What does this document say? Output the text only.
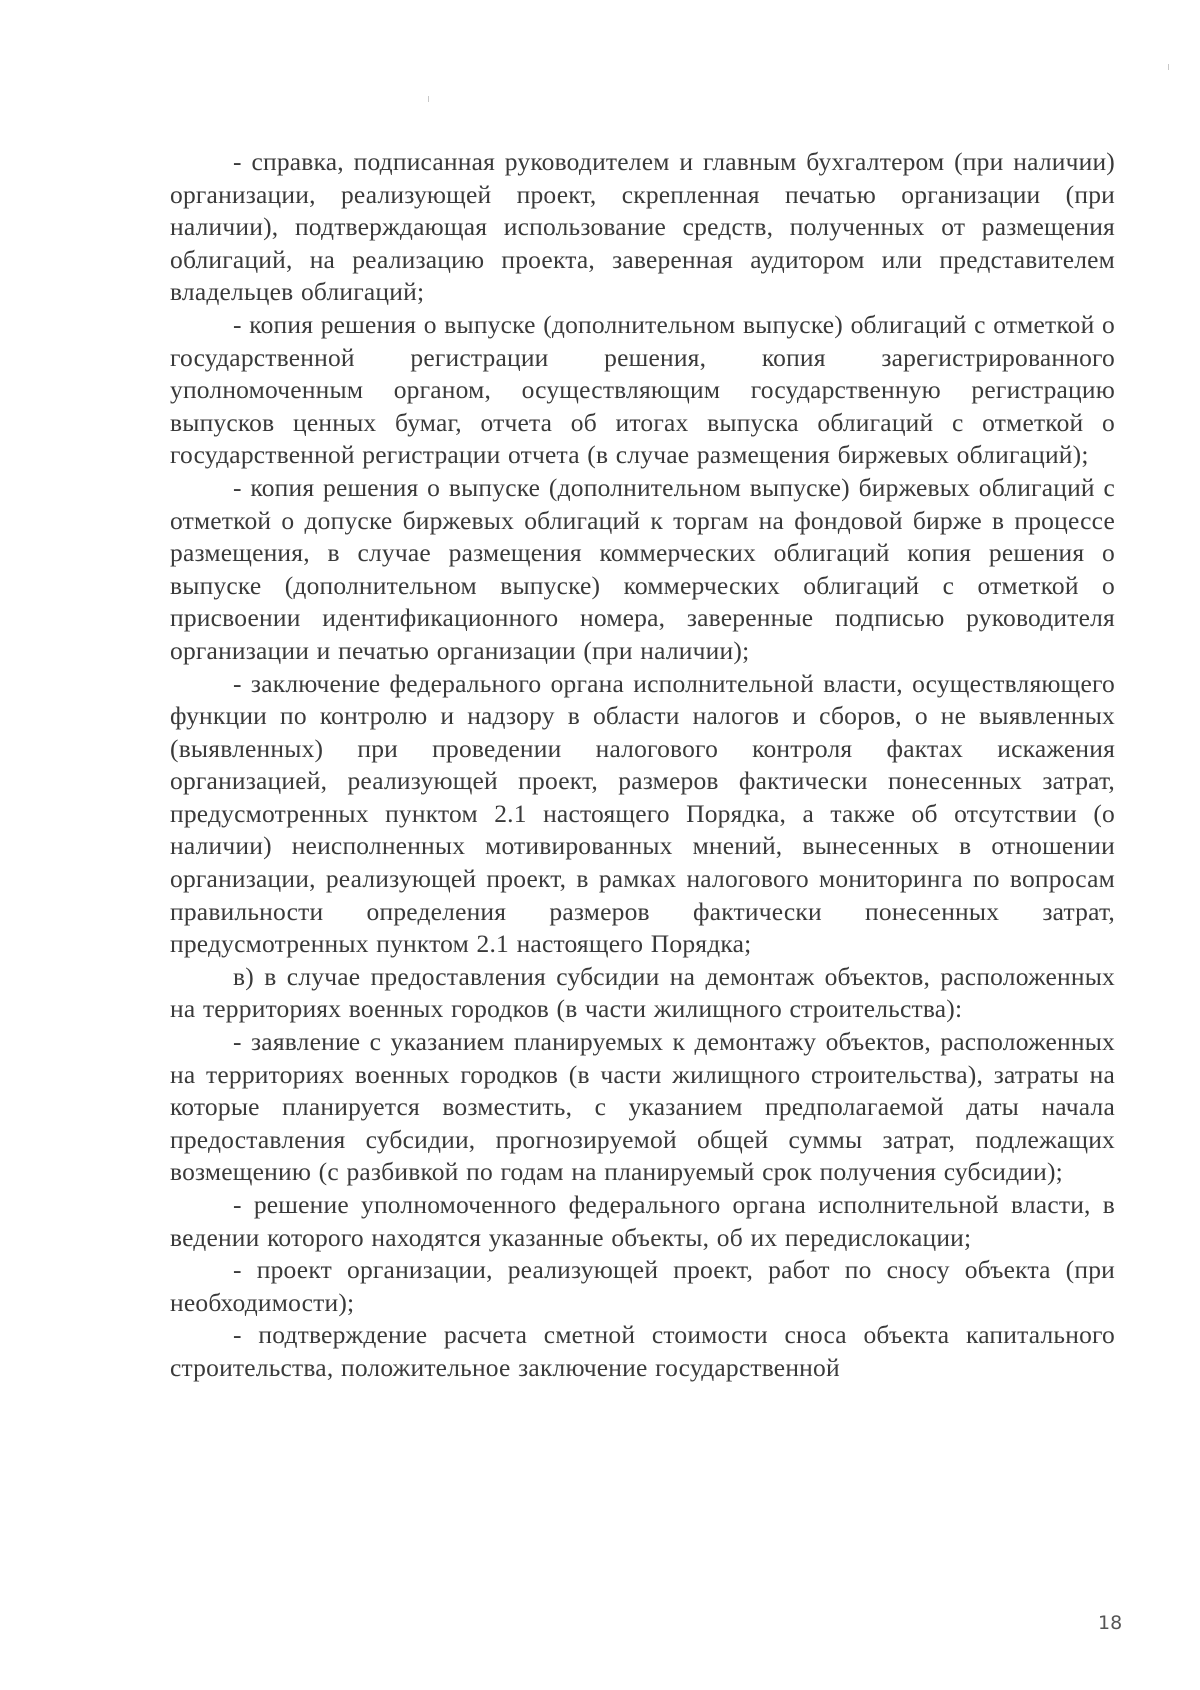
- справка, подписанная руководителем и главным бухгалтером (при наличии) организации, реализующей проект, скрепленная печатью организации (при наличии), подтверждающая использование средств, полученных от размещения облигаций, на реализацию проекта, заверенная аудитором или представителем владельцев облигаций;

- копия решения о выпуске (дополнительном выпуске) облигаций с отметкой о государственной регистрации решения, копия зарегистрированного уполномоченным органом, осуществляющим государственную регистрацию выпусков ценных бумаг, отчета об итогах выпуска облигаций с отметкой о государственной регистрации отчета (в случае размещения биржевых облигаций);

- копия решения о выпуске (дополнительном выпуске) биржевых облигаций с отметкой о допуске биржевых облигаций к торгам на фондовой бирже в процессе размещения, в случае размещения коммерческих облигаций копия решения о выпуске (дополнительном выпуске) коммерческих облигаций с отметкой о присвоении идентификационного номера, заверенные подписью руководителя организации и печатью организации (при наличии);

- заключение федерального органа исполнительной власти, осуществляющего функции по контролю и надзору в области налогов и сборов, о не выявленных (выявленных) при проведении налогового контроля фактах искажения организацией, реализующей проект, размеров фактически понесенных затрат, предусмотренных пунктом 2.1 настоящего Порядка, а также об отсутствии (о наличии) неисполненных мотивированных мнений, вынесенных в отношении организации, реализующей проект, в рамках налогового мониторинга по вопросам правильности определения размеров фактически понесенных затрат, предусмотренных пунктом 2.1 настоящего Порядка;

в) в случае предоставления субсидии на демонтаж объектов, расположенных на территориях военных городков (в части жилищного строительства):

- заявление с указанием планируемых к демонтажу объектов, расположенных на территориях военных городков (в части жилищного строительства), затраты на которые планируется возместить, с указанием предполагаемой даты начала предоставления субсидии, прогнозируемой общей суммы затрат, подлежащих возмещению (с разбивкой по годам на планируемый срок получения субсидии);

- решение уполномоченного федерального органа исполнительной власти, в ведении которого находятся указанные объекты, об их передислокации;

- проект организации, реализующей проект, работ по сносу объекта (при необходимости);

- подтверждение расчета сметной стоимости сноса объекта капитального строительства, положительное заключение государственной

18
